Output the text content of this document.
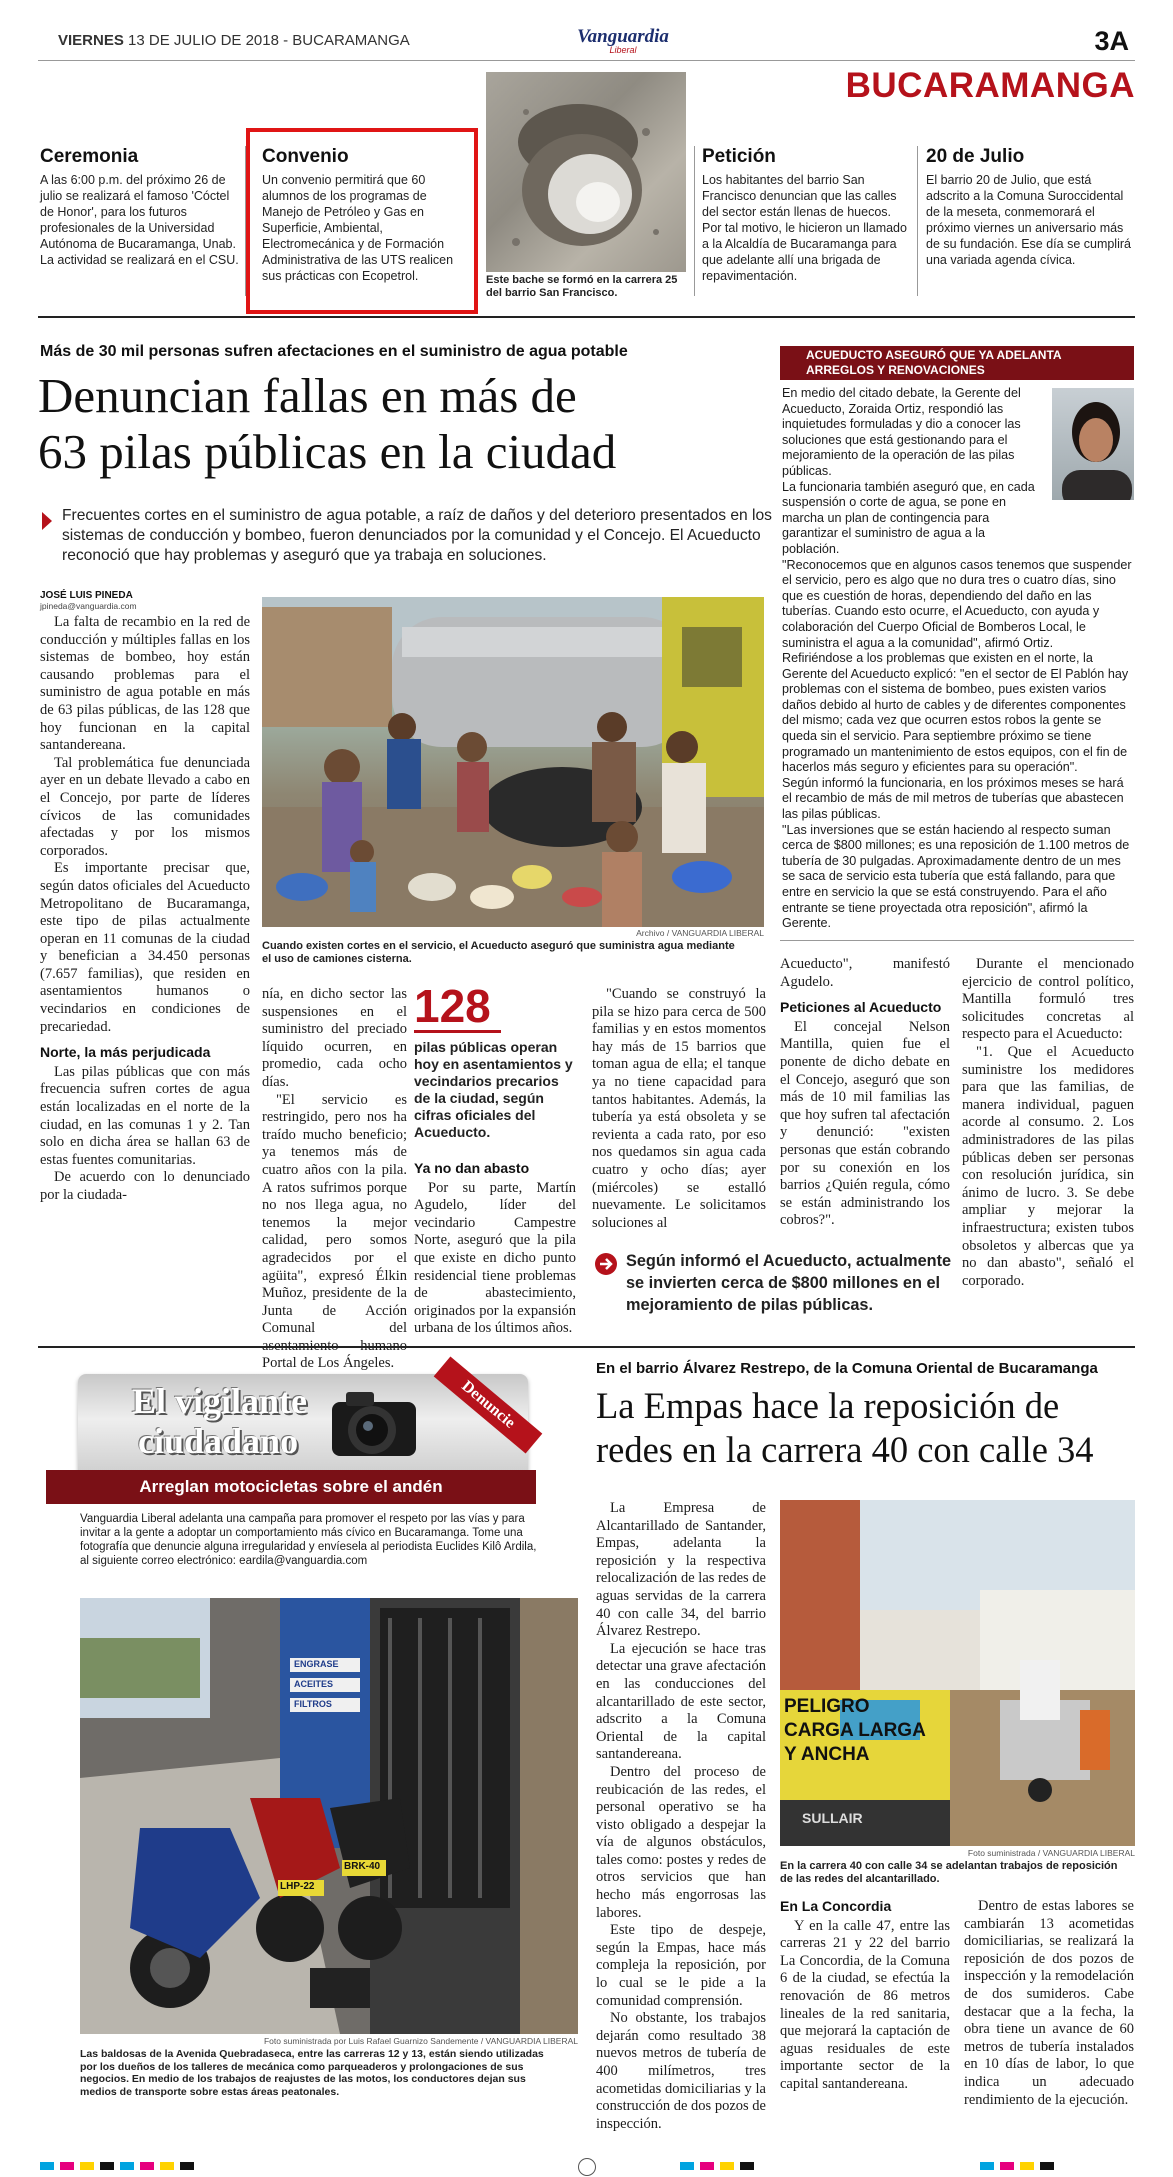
VIERNES 13 DE JULIO DE 2018 - BUCARAMANGA	Vanguardia
Liberal	3A
BUCARAMANGA
Ceremonia

A las 6:00 p.m. del próximo 26 de julio se realizará el famoso 'Cóctel de Honor', para los futuros profesionales de la Universidad Autónoma de Bucaramanga, Unab. La actividad se realizará en el CSU.

Convenio

Un convenio permitirá que 60 alumnos de los programas de Manejo de Petróleo y Gas en Superficie, Ambiental, Electromecánica y de Formación Administrativa de las UTS realicen sus prácticas con Ecopetrol.	Este bache se formó en la carrera 25 del barrio San Francisco.
Petición

Los habitantes del barrio San Francisco denuncian que las calles del sector están llenas de huecos. Por tal motivo, le hicieron un llamado a la Alcaldía de Bucaramanga para que adelante allí una brigada de repavimentación.

20 de Julio

El barrio 20 de Julio, que está adscrito a la Comuna Suroccidental de la meseta, conmemorará el próximo viernes un aniversario más de su fundación. Ese día se cumplirá una variada agenda cívica.

Más de 30 mil personas sufren afectaciones en el suministro de agua potable
Denuncian fallas en más de
63 pilas públicas en la ciudad
Frecuentes cortes en el suministro de agua potable, a raíz de daños y del deterioro presentados en los sistemas de conducción y bombeo, fueron denunciados por la comunidad y el Concejo. El Acueducto reconoció que hay problemas y aseguró que ya trabaja en soluciones.
JOSÉ LUIS PINEDA
jpineda@vanguardia.com

La falta de recambio en la red de conducción y múltiples fallas en los sistemas de bombeo, hoy están causando problemas para el suministro de agua potable en más de 63 pilas públicas, de las 128 que hoy funcionan en la capital santandereana.

Tal problemática fue denunciada ayer en un debate llevado a cabo en el Concejo, por parte de líderes cívicos de las comunidades afectadas y por los mismos corporados.

Es importante precisar que, según datos oficiales del Acueducto Metropolitano de Bucaramanga, este tipo de pilas actualmente operan en 11 comunas de la ciudad y benefician a 34.450 personas (7.657 familias), que residen en asentamientos humanos o vecindarios en condiciones de precariedad.

Norte, la más perjudicada

Las pilas públicas que con más frecuencia sufren cortes de agua están localizadas en el norte de la ciudad, en las comunas 1 y 2. Tan solo en dicha área se hallan 63 de estas fuentes comunitarias.

De acuerdo con lo denunciado por la ciudada-

Archivo / VANGUARDIA LIBERAL
Cuando existen cortes en el servicio, el Acueducto aseguró que suministra agua mediante el uso de camiones cisterna.

nía, en dicho sector las suspensiones en el suministro del preciado líquido ocurren, en promedio, cada ocho días.

"El servicio es restringido, pero nos ha traído mucho beneficio; ya tenemos más de cuatro años con la pila. A ratos sufrimos porque no nos llega agua, no tenemos la mejor calidad, pero somos agradecidos por el agüita", expresó Élkin Muñoz, presidente de la Junta de Acción Comunal del Portal de Los Ángeles.

128
pilas públicas operan hoy en asentamientos y vecindarios precarios de la ciudad, según cifras oficiales del Acueducto.
Ya no dan abasto

Por su parte, Martín Agudelo, líder del vecindario Campestre Norte, aseguró que la pila que existe en dicho punto residencial tiene problemas de abastecimiento, originados por la expansión urbana de los últimos años.

"Cuando se construyó la pila se hizo para cerca de 500 familias y en estos momentos hay más de 15 barrios que toman agua de ella; el tanque ya no tiene capacidad para tantos habitantes. Además, la tubería ya está obsoleta y se revienta a cada rato, por eso nos quedamos sin agua cada cuatro y ocho días; ayer (miércoles) se estalló nuevamente. Le solicitamos soluciones al

Acueducto", manifestó Agudelo.

Peticiones al Acueducto

El concejal Nelson Mantilla, quien fue el ponente de dicho debate en el Concejo, aseguró que son más de 10 mil familias las que hoy sufren tal afectación y denunció: "existen personas que están cobrando por su conexión en los barrios ¿Quién regula, cómo se están administrando los cobros?".

Durante el mencionado ejercicio de control político, Mantilla formuló tres solicitudes concretas al respecto para el Acueducto:

"1. Que el Acueducto suministre los medidores para que las familias, de manera individual, paguen acorde al consumo. 2. Los administradores de las pilas públicas deben ser personas con resolución jurídica, sin ánimo de lucro. 3. Se debe ampliar y mejorar la infraestructura; existen tubos obsoletos y albercas que ya no dan abasto", señaló el corporado.

Según informó el Acueducto, actualmente se invierten cerca de $800 millones en el mejoramiento de pilas públicas.
ACUEDUCTO ASEGURÓ QUE YA ADELANTA
ARREGLOS Y RENOVACIONES

En medio del citado debate, la Gerente del Acueducto, Zoraida Ortiz, respondió las inquietudes formuladas y dio a conocer las soluciones que está gestionando para el mejoramiento de la operación de las pilas públicas.

La funcionaria también aseguró que, en cada suspensión o corte de agua, se pone en marcha un plan de contingencia para garantizar el suministro de agua a la población.

"Reconocemos que en algunos casos tenemos que suspender el servicio, pero es algo que no dura tres o cuatro días, sino que es cuestión de horas, dependiendo del daño en las tuberías. Cuando esto ocurre, el Acueducto, con ayuda y colaboración del Cuerpo Oficial de Bomberos Local, le suministra el agua a la comunidad", afirmó Ortiz.

Refiriéndose a los problemas que existen en el norte, la Gerente del Acueducto explicó: "en el sector de El Pablón hay problemas con el sistema de bombeo, pues existen varios daños debido al hurto de cables y de diferentes componentes del mismo; cada vez que ocurren estos robos la gente se queda sin el servicio. Para septiembre próximo se tiene programado un mantenimiento de estos equipos, con el fin de hacerlos más seguro y eficientes para su operación".

Según informó la funcionaria, en los próximos meses se hará el recambio de más de mil metros de tuberías que abastecen las pilas públicas.

"Las inversiones que se están haciendo al respecto suman cerca de $800 millones; es una reposición de 1.100 metros de tubería de 30 pulgadas. Aproximadamente dentro de un mes se saca de servicio esta tubería que está fallando, para que entre en servicio la que se está construyendo. Para el año entrante se tiene proyectada otra reposición", afirmó la Gerente.

El vigilante
ciudadano
Denuncie
Arreglan motocicletas sobre el andén
Vanguardia Liberal adelanta una campaña para promover el respeto por las vías y para invitar a la gente a adoptar un comportamiento más cívico en Bucaramanga. Tome una fotografía que denuncie alguna irregularidad y envíesela al periodista Euclides Kilô Ardila, al siguiente correo electrónico: eardila@vanguardia.com
LHP-22
BRK-40
ENGRASE
ACEITES
FILTROS
Foto suministrada por Luis Rafael Guarnizo Sandemente / VANGUARDIA LIBERAL
Las baldosas de la Avenida Quebradaseca, entre las carreras 12 y 13, están siendo utilizadas por los dueños de los talleres de mecánica como parqueaderos y prolongaciones de sus negocios. En medio de los trabajos de reajustes de las motos, los conductores dejan sus medios de transporte sobre estas áreas peatonales.
En el barrio Álvarez Restrepo, de la Comuna Oriental de Bucaramanga
La Empas hace la reposición de
redes en la carrera 40 con calle 34

La Empresa de Alcantarillado de Santander, Empas, adelanta la reposición y la respectiva relocalización de las redes de aguas servidas de la carrera 40 con calle 34, del barrio Álvarez Restrepo.

La ejecución se hace tras detectar una grave afectación en las conducciones del alcantarillado de este sector, adscrito a la Comuna Oriental de la capital santandereana.

Dentro del proceso de reubicación de las redes, el personal operativo se ha visto obligado a despejar la vía de algunos obstáculos, tales como: postes y redes de otros servicios que han hecho más engorrosas las labores.

Este tipo de despeje, según la Empas, hace más compleja la reposición, por lo cual se le pide a la comunidad comprensión.

No obstante, los trabajos dejarán como resultado 38 nuevos metros de tubería de 400 milímetros, tres acometidas domiciliarias y la construcción de dos pozos de inspección.

PELIGRO
CARGA LARGA
Y ANCHA
SULLAIR
Foto suministrada / VANGUARDIA LIBERAL
En la carrera 40 con calle 34 se adelantan trabajos de reposición de las redes del alcantarillado.
En La Concordia

Y en la calle 47, entre las carreras 21 y 22 del barrio La Concordia, de la Comuna 6 de la ciudad, se efectúa la renovación de 86 metros lineales de la red sanitaria, que mejorará la captación de aguas residuales de este importante sector de la capital santandereana.

Dentro de estas labores se cambiarán 13 acometidas domiciliarias, se realizará la reposición de dos pozos de inspección y la remodelación de dos sumideros. Cabe destacar que a la fecha, la obra tiene un avance de 60 metros de tubería instalados en 10 días de labor, lo que indica un adecuado rendimiento de la ejecución.
